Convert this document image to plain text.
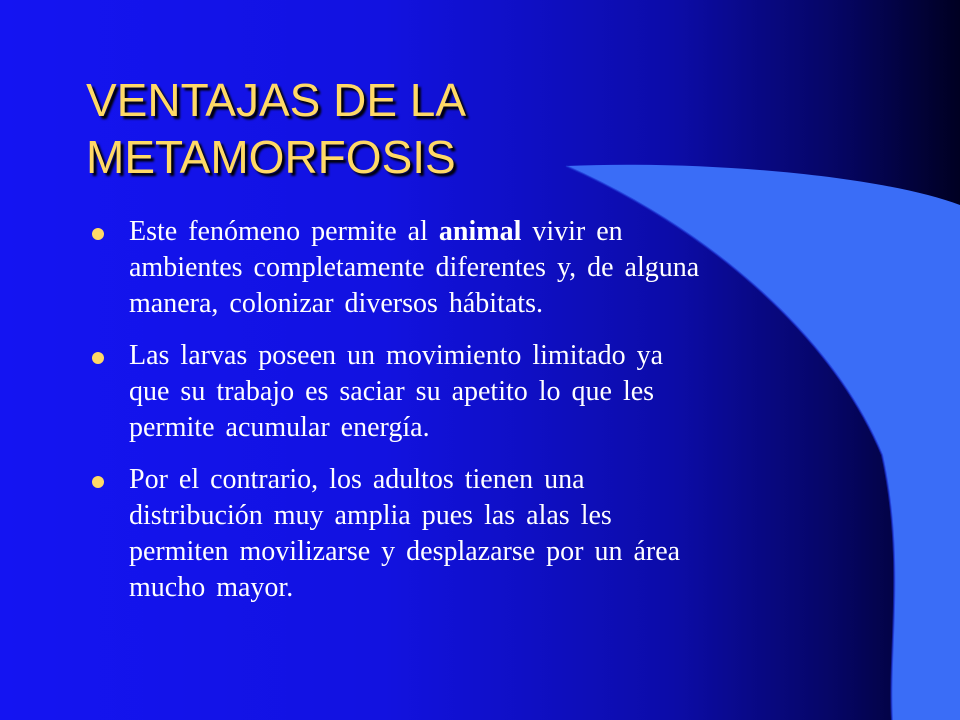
VENTAJAS DE LA
METAMORFOSIS
Este fenómeno permite al animal vivir en
ambientes completamente diferentes y, de alguna
manera, colonizar diversos hábitats.
Las larvas poseen un movimiento limitado ya
que su trabajo es saciar su apetito lo que les
permite acumular energía.
Por el contrario, los adultos tienen una
distribución muy amplia pues las alas les
permiten movilizarse y desplazarse por un área
mucho mayor.
